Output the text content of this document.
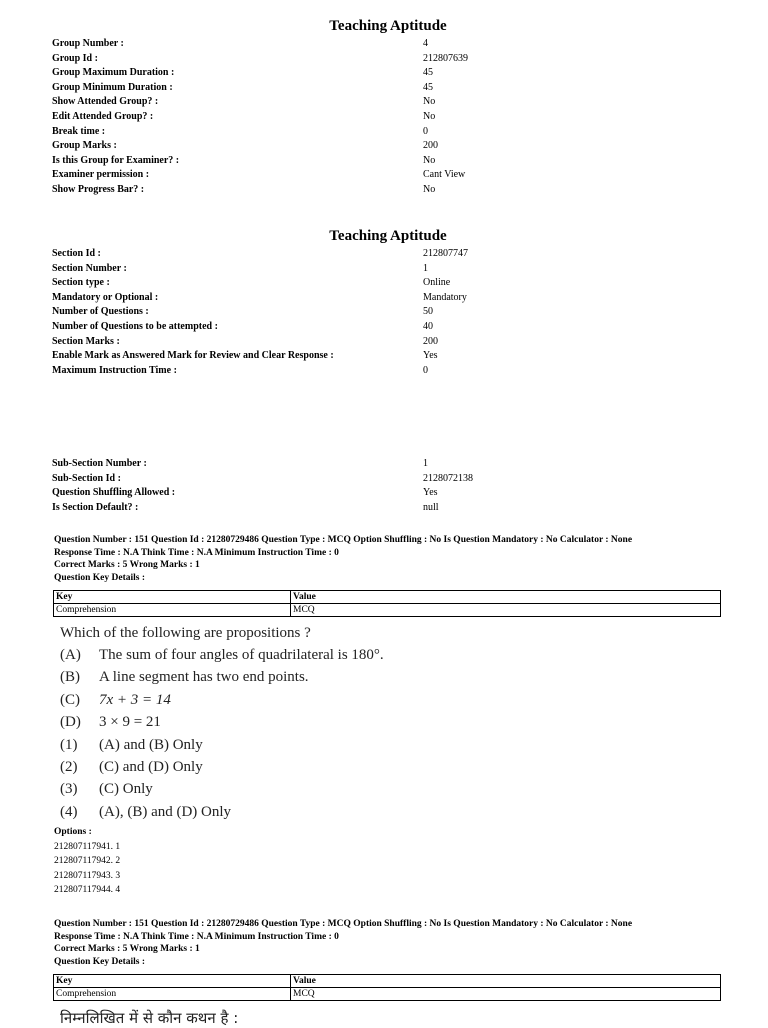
Teaching Aptitude
Group Number :	4
Group Id :	212807639
Group Maximum Duration :	45
Group Minimum Duration :	45
Show Attended Group? :	No
Edit Attended Group? :	No
Break time :	0
Group Marks :	200
Is this Group for Examiner? :	No
Examiner permission :	Cant View
Show Progress Bar? :	No
Teaching Aptitude
Section Id :	212807747
Section Number :	1
Section type :	Online
Mandatory or Optional :	Mandatory
Number of Questions :	50
Number of Questions to be attempted :	40
Section Marks :	200
Enable Mark as Answered Mark for Review and Clear Response :	Yes
Maximum Instruction Time :	0
Sub-Section Number :	1
Sub-Section Id :	2128072138
Question Shuffling Allowed :	Yes
Is Section Default? :	null
Question Number : 151 Question Id : 21280729486 Question Type : MCQ Option Shuffling : No Is Question Mandatory : No Calculator : None
Response Time : N.A Think Time : N.A Minimum Instruction Time : 0
Correct Marks : 5 Wrong Marks : 1
Question Key Details :
Key	Value
Comprehension	MCQ
Which of the following are propositions ?
(A) The sum of four angles of quadrilateral is 180°.
(B) A line segment has two end points.
(C) 7x + 3 = 14
(D) 3 × 9 = 21
(1) (A) and (B) Only
(2) (C) and (D) Only
(3) (C) Only
(4) (A), (B) and (D) Only
Options :
212807117941. 1
212807117942. 2
212807117943. 3
212807117944. 4
Question Number : 151 Question Id : 21280729486 Question Type : MCQ Option Shuffling : No Is Question Mandatory : No Calculator : None
Response Time : N.A Think Time : N.A Minimum Instruction Time : 0
Correct Marks : 5 Wrong Marks : 1
Question Key Details :
Key	Value
Comprehension	MCQ
निम्नलिखित में से कौन कथन है :
